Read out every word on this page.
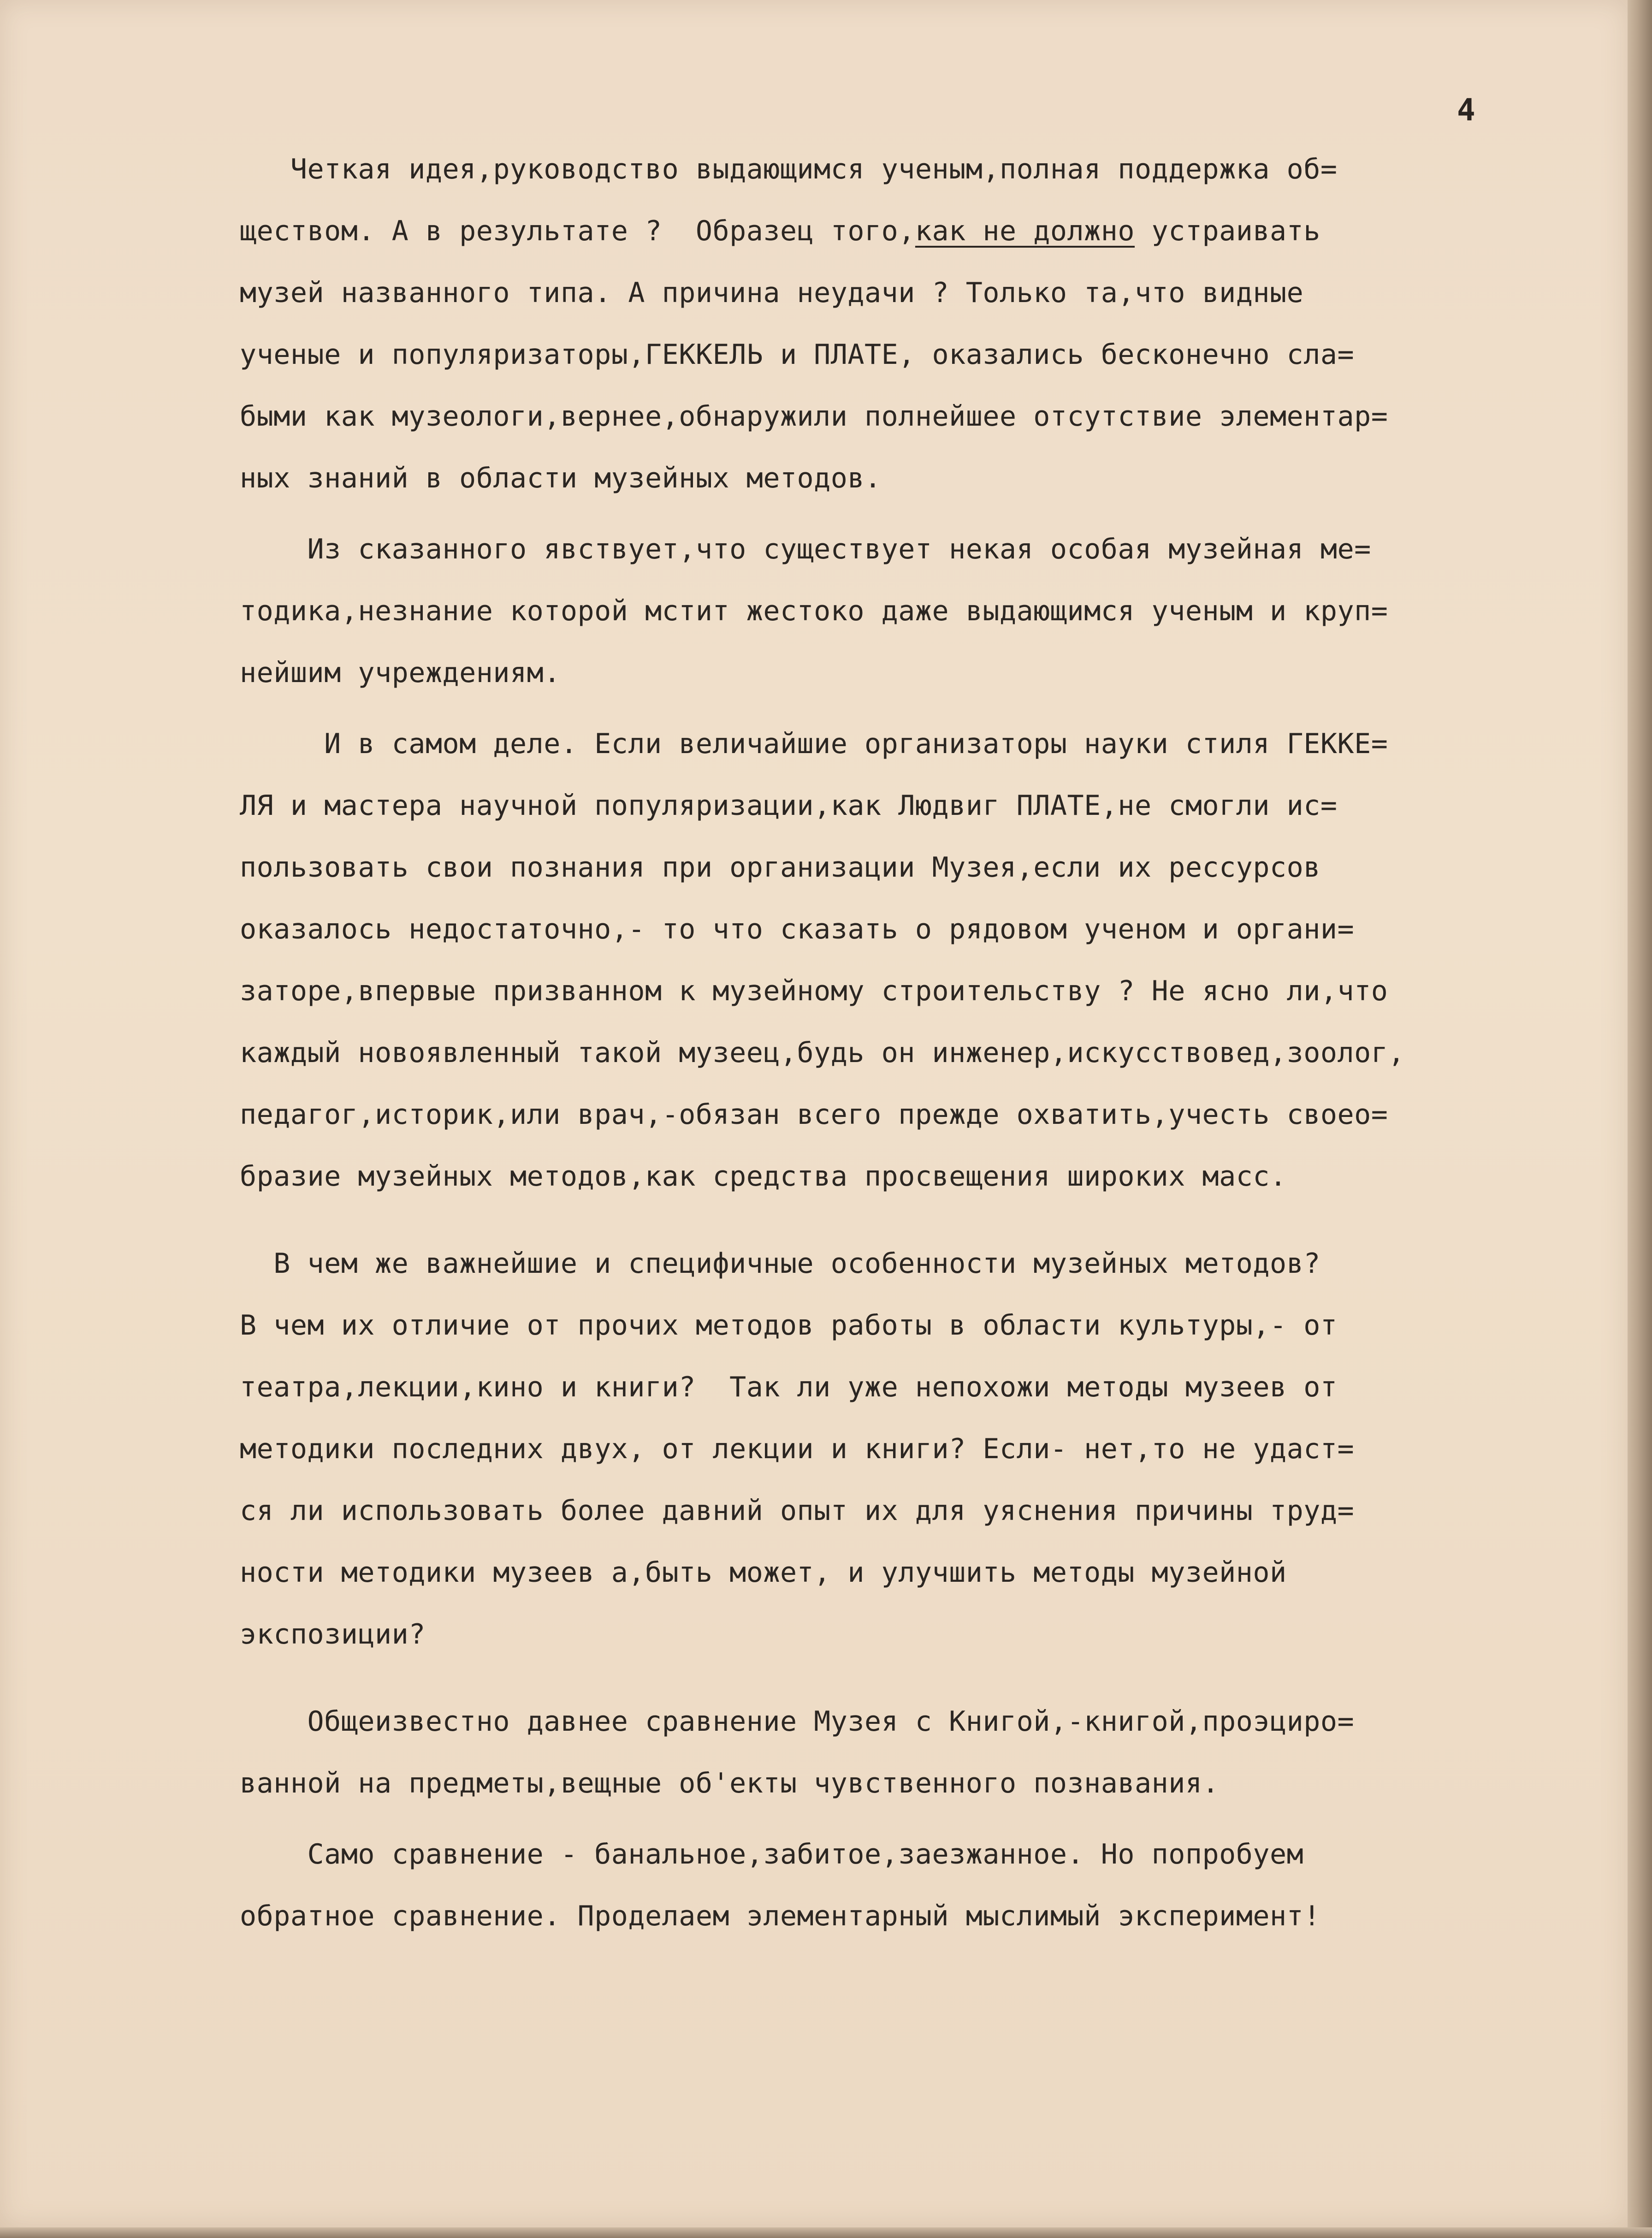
4
Четкая идея,руководство выдающимся ученым,полная поддержка об=
ществом. А в результате ?  Образец того,как не должно устраивать
музей названного типа. А причина неудачи ? Только та,что видные
ученые и популяризаторы,ГЕККЕЛЬ и ПЛАТЕ, оказались бесконечно сла=
быми как музеологи,вернее,обнаружили полнейшее отсутствие элементар=
ных знаний в области музейных методов.
Из сказанного явствует,что существует некая особая музейная ме=
тодика,незнание которой мстит жестоко даже выдающимся ученым и круп=
нейшим учреждениям.
И в самом деле. Если величайшие организаторы науки стиля ГЕККЕ=
ЛЯ и мастера научной популяризации,как Людвиг ПЛАТЕ,не смогли ис=
пользовать свои познания при организации Музея,если их рессурсов
оказалось недостаточно,- то что сказать о рядовом ученом и органи=
заторе,впервые призванном к музейному строительству ? Не ясно ли,что
каждый новоявленный такой музеец,будь он инженер,искусствовед,зоолог,
педагог,историк,или врач,-обязан всего прежде охватить,учесть своео=
бразие музейных методов,как средства просвещения широких масс.
В чем же важнейшие и специфичные особенности музейных методов?
В чем их отличие от прочих методов работы в области культуры,- от
театра,лекции,кино и книги?  Так ли уже непохожи методы музеев от
методики последних двух, от лекции и книги? Если- нет,то не удаст=
ся ли использовать более давний опыт их для уяснения причины труд=
ности методики музеев а,быть может, и улучшить методы музейной
экспозиции?
Общеизвестно давнее сравнение Музея с Книгой,-книгой,проэциро=
ванной на предметы,вещные об'екты чувственного познавания.
Само сравнение - банальное,забитое,заезжанное. Но попробуем
обратное сравнение. Проделаем элементарный мыслимый эксперимент!
